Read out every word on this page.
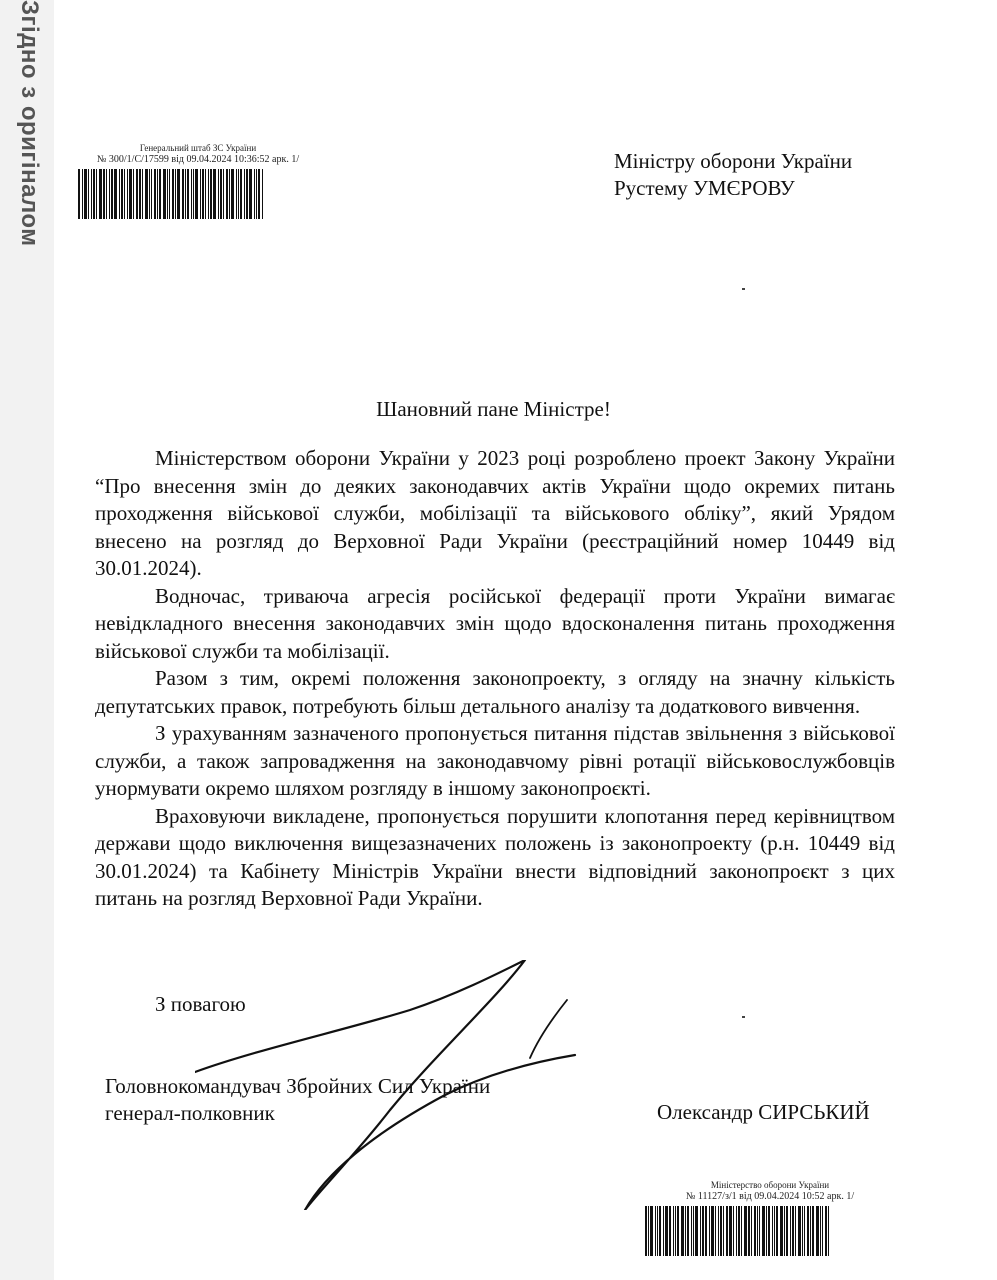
Згідно з оригіналом	Генеральний штаб ЗС України
№ 300/1/С/17599 від 09.04.2024 10:36:52 арк. 1/	Міністру оборони України
Рустему УМЄРОВУ
Шановний пане Міністре!

Міністерством оборони України у 2023 році розроблено проект Закону України “Про внесення змін до деяких законодавчих актів України щодо окремих питань проходження військової служби, мобілізації та військового обліку”, який Урядом внесено на розгляд до Верховної Ради України (реєстраційний номер 10449 від 30.01.2024).

Водночас, триваюча агресія російської федерації проти України вимагає невідкладного внесення законодавчих змін щодо вдосконалення питань проходження військової служби та мобілізації.

Разом з тим, окремі положення законопроекту, з огляду на значну кількість депутатських правок, потребують більш детального аналізу та додаткового вивчення.

З урахуванням зазначеного пропонується питання підстав звільнення з військової служби, а також запровадження на законодавчому рівні ротації військовослужбовців унормувати окремо шляхом розгляду в іншому законопроєкті.

Враховуючи викладене, пропонується порушити клопотання перед керівництвом держави щодо виключення вищезазначених положень із законопроекту (р.н. 10449 від 30.01.2024) та Кабінету Міністрів України внести відповідний законопроєкт з цих питань на розгляд Верховної Ради України.

З повагою
Головнокомандувач Збройних Сил України
генерал-полковник	Олександр СИРСЬКИЙ
Міністерство оборони України
№ 11127/з/1 від 09.04.2024 10:52 арк. 1/
